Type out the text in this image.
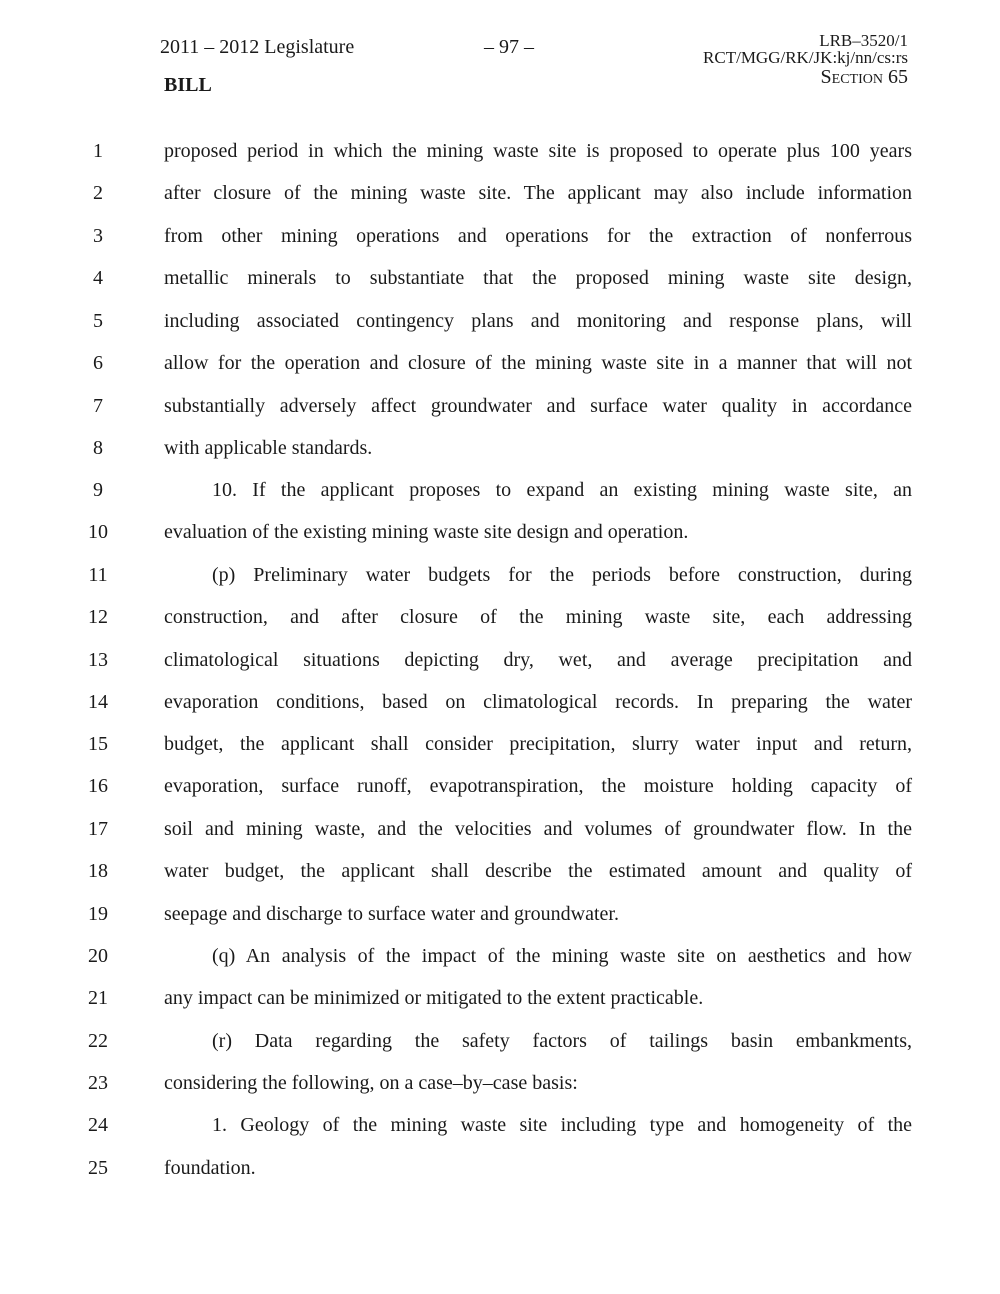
2011 – 2012 Legislature	– 97 –
BILL
LRB–3520/1
RCT/MGG/RK/JK:kj/nn/cs:rs
Section 65
1	proposed period in which the mining waste site is proposed to operate plus 100 years
2	after closure of the mining waste site. The applicant may also include information
3	from other mining operations and operations for the extraction of nonferrous
4	metallic minerals to substantiate that the proposed mining waste site design,
5	including associated contingency plans and monitoring and response plans, will
6	allow for the operation and closure of the mining waste site in a manner that will not
7	substantially adversely affect groundwater and surface water quality in accordance
8	with applicable standards.
9	10. If the applicant proposes to expand an existing mining waste site, an
10	evaluation of the existing mining waste site design and operation.
11	(p) Preliminary water budgets for the periods before construction, during
12	construction, and after closure of the mining waste site, each addressing
13	climatological situations depicting dry, wet, and average precipitation and
14	evaporation conditions, based on climatological records. In preparing the water
15	budget, the applicant shall consider precipitation, slurry water input and return,
16	evaporation, surface runoff, evapotranspiration, the moisture holding capacity of
17	soil and mining waste, and the velocities and volumes of groundwater flow. In the
18	water budget, the applicant shall describe the estimated amount and quality of
19	seepage and discharge to surface water and groundwater.
20	(q) An analysis of the impact of the mining waste site on aesthetics and how
21	any impact can be minimized or mitigated to the extent practicable.
22	(r) Data regarding the safety factors of tailings basin embankments,
23	considering the following, on a case–by–case basis:
24	1. Geology of the mining waste site including type and homogeneity of the
25	foundation.
